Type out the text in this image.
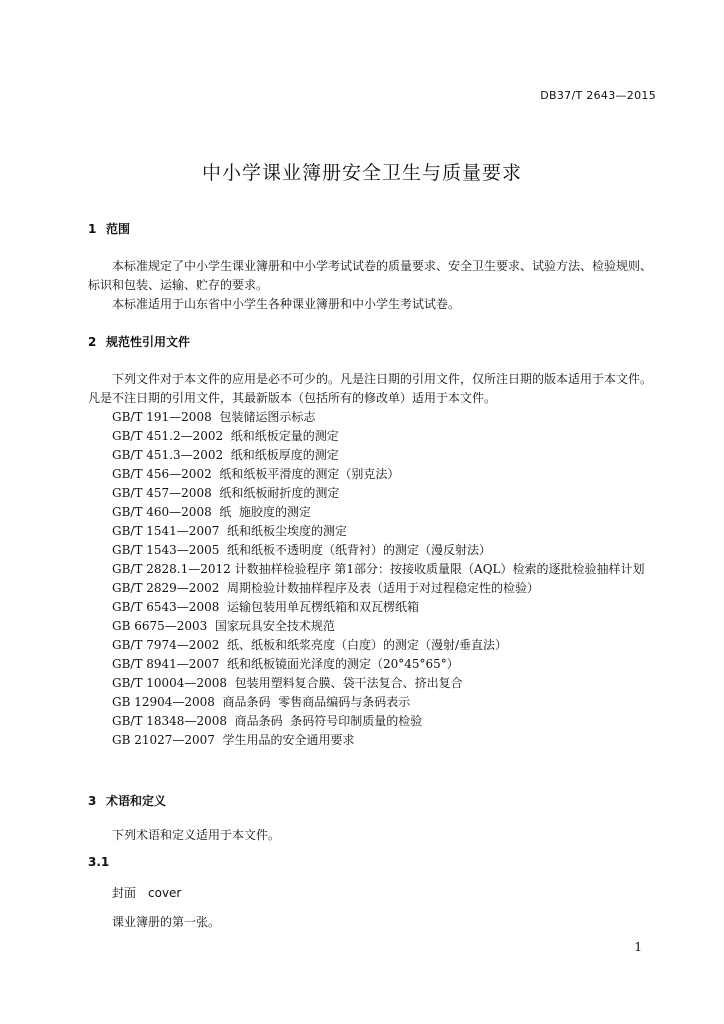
DB37/T 2643—2015
中小学课业簿册安全卫生与质量要求
1 范围

本标准规定了中小学生课业簿册和中小学考试试卷的质量要求、安全卫生要求、试验方法、检验规则、标识和包装、运输、贮存的要求。

本标准适用于山东省中小学生各种课业簿册和中小学生考试试卷。

2 规范性引用文件

下列文件对于本文件的应用是必不可少的。凡是注日期的引用文件，仅所注日期的版本适用于本文件。凡是不注日期的引用文件，其最新版本（包括所有的修改单）适用于本文件。

GB/T 191—2008  包装储运图示标志

GB/T 451.2—2002  纸和纸板定量的测定

GB/T 451.3—2002  纸和纸板厚度的测定

GB/T 456—2002  纸和纸板平滑度的测定（别克法）

GB/T 457—2008  纸和纸板耐折度的测定

GB/T 460—2008  纸  施胶度的测定

GB/T 1541—2007  纸和纸板尘埃度的测定

GB/T 1543—2005  纸和纸板不透明度（纸背衬）的测定（漫反射法）

GB/T 2828.1—2012 计数抽样检验程序 第1部分：按接收质量限（AQL）检索的逐批检验抽样计划

GB/T 2829—2002  周期检验计数抽样程序及表（适用于对过程稳定性的检验）

GB/T 6543—2008  运输包装用单瓦楞纸箱和双瓦楞纸箱

GB 6675—2003  国家玩具安全技术规范

GB/T 7974—2002  纸、纸板和纸浆亮度（白度）的测定（漫射/垂直法）

GB/T 8941—2007  纸和纸板镜面光泽度的测定（20°45°65°）

GB/T 10004—2008  包装用塑料复合膜、袋干法复合、挤出复合

GB 12904—2008  商品条码  零售商品编码与条码表示

GB/T 18348—2008  商品条码  条码符号印制质量的检验

GB 21027—2007  学生用品的安全通用要求

3 术语和定义

下列术语和定义适用于本文件。

3.1
封面　cover
课业簿册的第一张。
1
